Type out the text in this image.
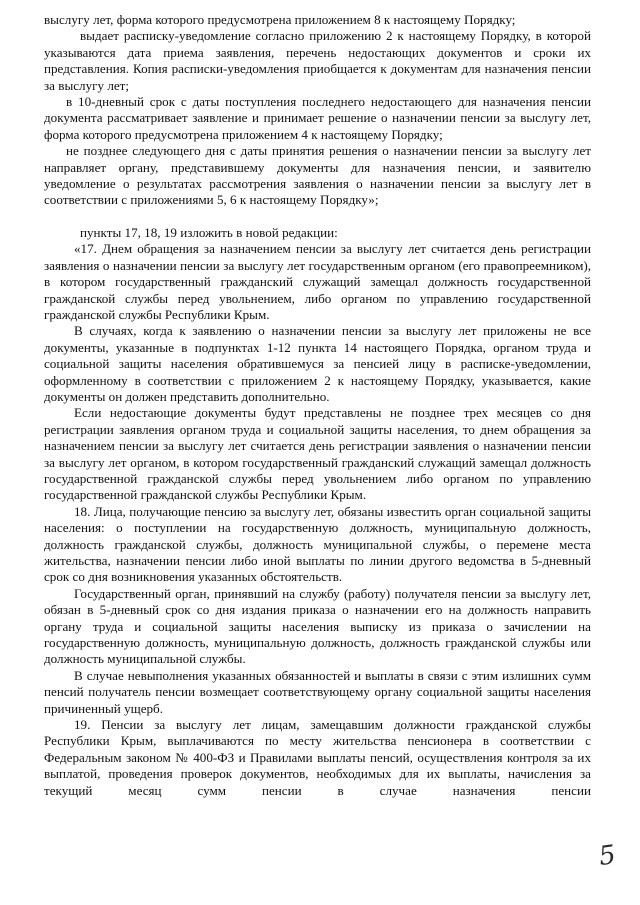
выслугу лет, форма которого предусмотрена приложением 8 к настоящему Порядку;

выдает расписку-уведомление согласно приложению 2 к настоящему Порядку, в которой указываются дата приема заявления, перечень недостающих документов и сроки их представления. Копия расписки-уведомления приобщается к документам для назначения пенсии за выслугу лет;

в 10-дневный срок с даты поступления последнего недостающего для назначения пенсии документа рассматривает заявление и принимает решение о назначении пенсии за выслугу лет, форма которого предусмотрена приложением 4 к настоящему Порядку;

не позднее следующего дня с даты принятия решения о назначении пенсии за выслугу лет направляет органу, представившему документы для назначения пенсии, и заявителю уведомление о результатах рассмотрения заявления о назначении пенсии за выслугу лет в соответствии с приложениями 5, 6 к настоящему Порядку»;

пункты 17, 18, 19 изложить в новой редакции:

«17. Днем обращения за назначением пенсии за выслугу лет считается день регистрации заявления о назначении пенсии за выслугу лет государственным органом (его правопреемником), в котором государственный гражданский служащий замещал должность государственной гражданской службы перед увольнением, либо органом по управлению государственной гражданской службы Республики Крым.

В случаях, когда к заявлению о назначении пенсии за выслугу лет приложены не все документы, указанные в подпунктах 1-12 пункта 14 настоящего Порядка, органом труда и социальной защиты населения обратившемуся за пенсией лицу в расписке-уведомлении, оформленному в соответствии с приложением 2 к настоящему Порядку, указывается, какие документы он должен представить дополнительно.

Если недостающие документы будут представлены не позднее трех месяцев со дня регистрации заявления органом труда и социальной защиты населения, то днем обращения за назначением пенсии за выслугу лет считается день регистрации заявления о назначении пенсии за выслугу лет органом, в котором государственный гражданский служащий замещал должность государственной гражданской службы перед увольнением либо органом по управлению государственной гражданской службы Республики Крым.

18. Лица, получающие пенсию за выслугу лет, обязаны известить орган социальной защиты населения: о поступлении на государственную должность, муниципальную должность, должность гражданской службы, должность муниципальной службы, о перемене места жительства, назначении пенсии либо иной выплаты по линии другого ведомства в 5-дневный срок со дня возникновения указанных обстоятельств.

Государственный орган, принявший на службу (работу) получателя пенсии за выслугу лет, обязан в 5-дневный срок со дня издания приказа о назначении его на должность направить органу труда и социальной защиты населения выписку из приказа о зачислении на государственную должность, муниципальную должность, должность гражданской службы или должность муниципальной службы.

В случае невыполнения указанных обязанностей и выплаты в связи с этим излишних сумм пенсий получатель пенсии возмещает соответствующему органу социальной защиты населения причиненный ущерб.

19. Пенсии за выслугу лет лицам, замещавшим должности гражданской службы Республики Крым, выплачиваются по месту жительства пенсионера в соответствии с Федеральным законом № 400-ФЗ и Правилами выплаты пенсий, осуществления контроля за их выплатой, проведения проверок документов, необходимых для их выплаты, начисления за текущий месяц сумм пенсии в случае назначения пенсии

5
